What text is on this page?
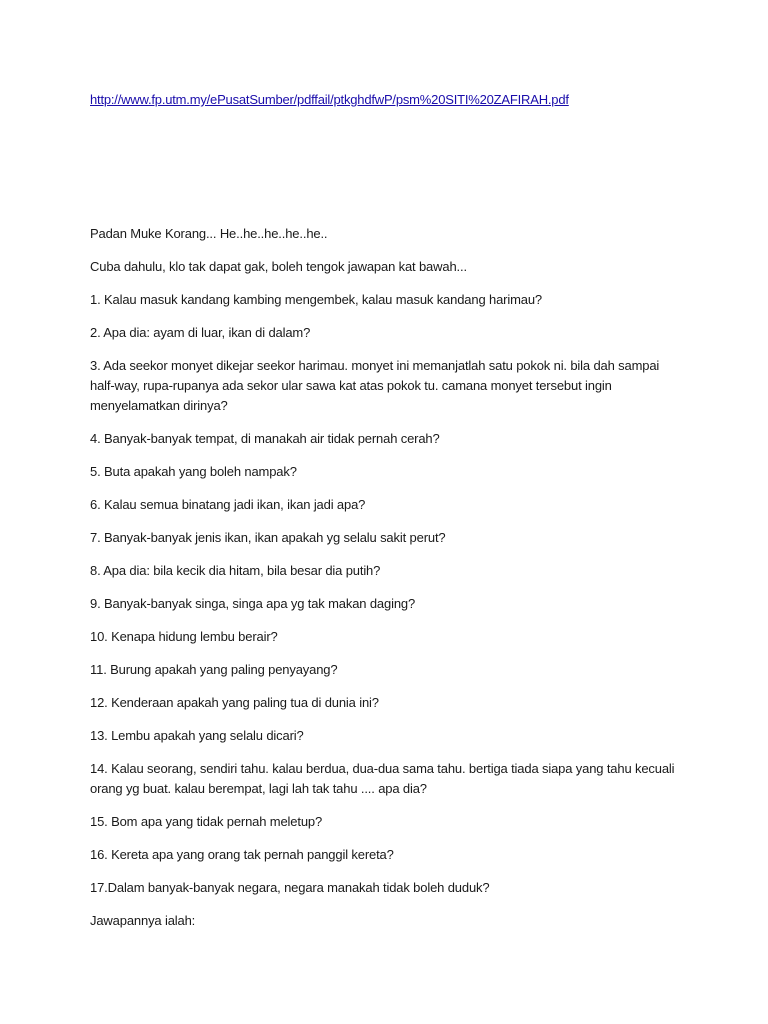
http://www.fp.utm.my/ePusatSumber/pdffail/ptkghdfwP/psm%20SITI%20ZAFIRAH.pdf

Padan Muke Korang... He..he..he..he..he..

Cuba dahulu, klo tak dapat gak, boleh tengok jawapan kat bawah...

1. Kalau masuk kandang kambing mengembek, kalau masuk kandang harimau?

2. Apa dia: ayam di luar, ikan di dalam?

3. Ada seekor monyet dikejar seekor harimau. monyet ini memanjatlah satu pokok ni. bila dah sampai half-way, rupa-rupanya ada sekor ular sawa kat atas pokok tu. camana monyet tersebut ingin menyelamatkan dirinya?

4. Banyak-banyak tempat, di manakah air tidak pernah cerah?

5. Buta apakah yang boleh nampak?

6. Kalau semua binatang jadi ikan, ikan jadi apa?

7. Banyak-banyak jenis ikan, ikan apakah yg selalu sakit perut?

8. Apa dia: bila kecik dia hitam, bila besar dia putih?

9. Banyak-banyak singa, singa apa yg tak makan daging?

10. Kenapa hidung lembu berair?

11. Burung apakah yang paling penyayang?

12. Kenderaan apakah yang paling tua di dunia ini?

13. Lembu apakah yang selalu dicari?

14. Kalau seorang, sendiri tahu. kalau berdua, dua-dua sama tahu. bertiga tiada siapa yang tahu kecuali orang yg buat. kalau berempat, lagi lah tak tahu .... apa dia?

15. Bom apa yang tidak pernah meletup?

16. Kereta apa yang orang tak pernah panggil kereta?

17.Dalam banyak-banyak negara, negara manakah tidak boleh duduk?

Jawapannya ialah:
